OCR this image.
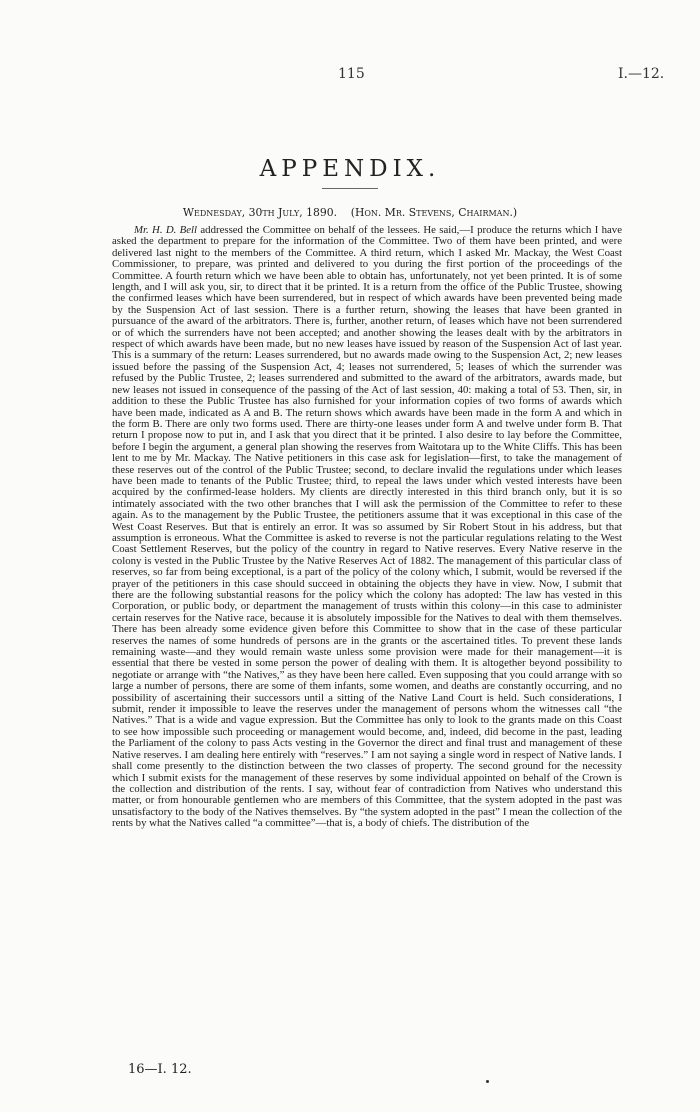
115	I.—12.
APPENDIX.
Wednesday, 30th July, 1890. (Hon. Mr. Stevens, Chairman.)

Mr. H. D. Bell addressed the Committee on behalf of the lessees. He said,—I produce the returns which I have asked the department to prepare for the information of the Committee. Two of them have been printed, and were delivered last night to the members of the Committee. A third return, which I asked Mr. Mackay, the West Coast Commissioner, to prepare, was printed and delivered to you during the first portion of the proceedings of the Committee. A fourth return which we have been able to obtain has, unfortunately, not yet been printed. It is of some length, and I will ask you, sir, to direct that it be printed. It is a return from the office of the Public Trustee, showing the confirmed leases which have been surrendered, but in respect of which awards have been prevented being made by the Suspension Act of last session. There is a further return, showing the leases that have been granted in pursuance of the award of the arbitrators. There is, further, another return, of leases which have not been surrendered or of which the surrenders have not been accepted; and another showing the leases dealt with by the arbitrators in respect of which awards have been made, but no new leases have issued by reason of the Suspension Act of last year. This is a summary of the return: Leases surrendered, but no awards made owing to the Suspension Act, 2; new leases issued before the passing of the Suspension Act, 4; leases not surrendered, 5; leases of which the surrender was refused by the Public Trustee, 2; leases surrendered and submitted to the award of the arbitrators, awards made, but new leases not issued in consequence of the passing of the Act of last session, 40: making a total of 53. Then, sir, in addition to these the Public Trustee has also furnished for your information copies of two forms of awards which have been made, indicated as A and B. The return shows which awards have been made in the form A and which in the form B. There are only two forms used. There are thirty-one leases under form A and twelve under form B. That return I propose now to put in, and I ask that you direct that it be printed. I also desire to lay before the Committee, before I begin the argument, a general plan showing the reserves from Waitotara up to the White Cliffs. This has been lent to me by Mr. Mackay. The Native petitioners in this case ask for legislation—first, to take the management of these reserves out of the control of the Public Trustee; second, to declare invalid the regulations under which leases have been made to tenants of the Public Trustee; third, to repeal the laws under which vested interests have been acquired by the confirmed-lease holders. My clients are directly interested in this third branch only, but it is so intimately associated with the two other branches that I will ask the permission of the Committee to refer to these again. As to the management by the Public Trustee, the petitioners assume that it was exceptional in this case of the West Coast Reserves. But that is entirely an error. It was so assumed by Sir Robert Stout in his address, but that assumption is erroneous. What the Committee is asked to reverse is not the particular regulations relating to the West Coast Settlement Reserves, but the policy of the country in regard to Native reserves. Every Native reserve in the colony is vested in the Public Trustee by the Native Reserves Act of 1882. The management of this particular class of reserves, so far from being exceptional, is a part of the policy of the colony which, I submit, would be reversed if the prayer of the petitioners in this case should succeed in obtaining the objects they have in view. Now, I submit that there are the following substantial reasons for the policy which the colony has adopted: The law has vested in this Corporation, or public body, or department the management of trusts within this colony—in this case to administer certain reserves for the Native race, because it is absolutely impossible for the Natives to deal with them themselves. There has been already some evidence given before this Committee to show that in the case of these particular reserves the names of some hundreds of persons are in the grants or the ascertained titles. To prevent these lands remaining waste—and they would remain waste unless some provision were made for their management—it is essential that there be vested in some person the power of dealing with them. It is altogether beyond possibility to negotiate or arrange with “the Natives,” as they have been here called. Even supposing that you could arrange with so large a number of persons, there are some of them infants, some women, and deaths are constantly occurring, and no possibility of ascertaining their successors until a sitting of the Native Land Court is held. Such considerations, I submit, render it impossible to leave the reserves under the management of persons whom the witnesses call “the Natives.” That is a wide and vague expression. But the Committee has only to look to the grants made on this Coast to see how impossible such proceeding or management would become, and, indeed, did become in the past, leading the Parliament of the colony to pass Acts vesting in the Governor the direct and final trust and management of these Native reserves. I am dealing here entirely with “reserves.” I am not saying a single word in respect of Native lands. I shall come presently to the distinction between the two classes of property. The second ground for the necessity which I submit exists for the management of these reserves by some individual appointed on behalf of the Crown is the collection and distribution of the rents. I say, without fear of contradiction from Natives who understand this matter, or from honourable gentlemen who are members of this Committee, that the system adopted in the past was unsatisfactory to the body of the Natives themselves. By “the system adopted in the past” I mean the collection of the rents by what the Natives called “a committee”—that is, a body of chiefs. The distribution of the

16—I. 12.
